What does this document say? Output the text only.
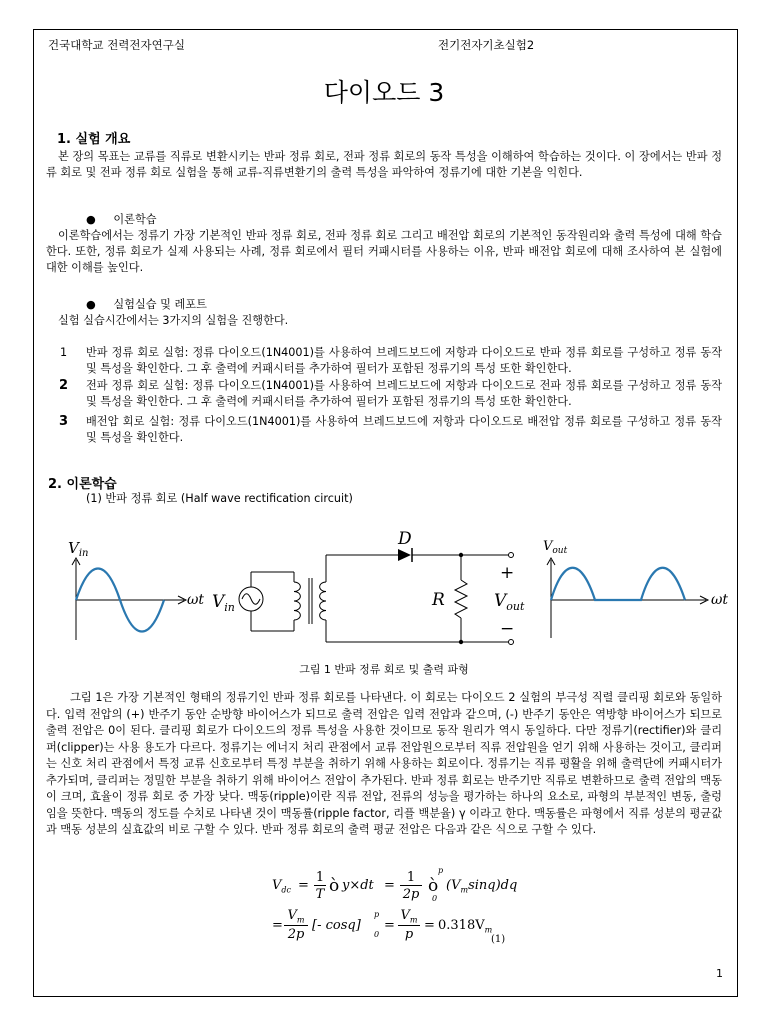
건국대학교 전력전자연구실	전기전자기초실험2
다이오드 3
1. 실험 개요
본 장의 목표는 교류를 직류로 변환시키는 반파 정류 회로, 전파 정류 회로의 동작 특성을 이해하여 학습하는 것이다. 이 장에서는 반파 정류 회로 및 전파 정류 회로 실험을 통해 교류-직류변환기의 출력 특성을 파악하여 정류기에 대한 기본을 익힌다.
● 이론학습
이론학습에서는 정류기 가장 기본적인 반파 정류 회로, 전파 정류 회로 그리고 배전압 회로의 기본적인 동작원리와 출력 특성에 대해 학습한다. 또한, 정류 회로가 실제 사용되는 사례, 정류 회로에서 필터 커패시터를 사용하는 이유, 반파 배전압 회로에 대해 조사하여 본 실험에 대한 이해를 높인다.
● 실험실습 및 레포트
실험 실습시간에서는 3가지의 실험을 진행한다.
1 반파 정류 회로 실험: 정류 다이오드(1N4001)를 사용하여 브레드보드에 저항과 다이오드로 반파 정류 회로를 구성하고 정류 동작 및 특성을 확인한다. 그 후 출력에 커패시터를 추가하여 필터가 포함된 정류기의 특성 또한 확인한다.
2 전파 정류 회로 실험: 정류 다이오드(1N4001)를 사용하여 브레드보드에 저항과 다이오드로 전파 정류 회로를 구성하고 정류 동작 및 특성을 확인한다. 그 후 출력에 커패시터를 추가하여 필터가 포함된 정류기의 특성 또한 확인한다.
3 배전압 회로 실험: 정류 다이오드(1N4001)를 사용하여 브레드보드에 저항과 다이오드로 배전압 정류 회로를 구성하고 정류 동작 및 특성을 확인한다.
2. 이론학습
(1) 반파 정류 회로 (Half wave rectification circuit)
$V_{in}$
ωt $V_{in}$
D
R
+
−
$V_{out}$
$V_{out}$
ωt
그림 1 반파 정류 회로 및 출력 파형
그림 1은 가장 기본적인 형태의 정류기인 반파 정류 회로를 나타낸다. 이 회로는 다이오드 2 실험의 부극성 직렬 클리핑 회로와 동일하다. 입력 전압의 (+) 반주기 동안 순방향 바이어스가 되므로 출력 전압은 입력 전압과 같으며, (-) 반주기 동안은 역방향 바이어스가 되므로 출력 전압은 0이 된다. 클리핑 회로가 다이오드의 정류 특성을 사용한 것이므로 동작 원리가 역시 동일하다. 다만 정류기(rectifier)와 클리퍼(clipper)는 사용 용도가 다르다. 정류기는 에너지 처리 관점에서 교류 전압원으로부터 직류 전압원을 얻기 위해 사용하는 것이고, 클리퍼는 신호 처리 관점에서 특정 교류 신호로부터 특정 부분을 취하기 위해 사용하는 회로이다. 정류기는 직류 평활을 위해 출력단에 커패시터가 추가되며, 클리퍼는 정밀한 부분을 취하기 위해 바이어스 전압이 추가된다. 반파 정류 회로는 반주기만 직류로 변환하므로 출력 전압의 맥동이 크며, 효율이 정류 회로 중 가장 낮다. 맥동(ripple)이란 직류 전압, 전류의 성능을 평가하는 하나의 요소로, 파형의 부분적인 변동, 출렁임을 뜻한다. 맥동의 정도를 수치로 나타낸 것이 맥동률(ripple factor, 리플 백분율) γ 이라고 한다. 맥동률은 파형에서 직류 성분의 평균값과 맥동 성분의 실효값의 비로 구할 수 있다. 반파 정류 회로의 출력 평균 전압은 다음과 같은 식으로 구할 수 있다.
$V_{dc}$ =
1
T ò y×dt =
1
2p ò
p
0
$(V_m\sin q)dq$
=
$V_m$
2p
[- cosq]
p
0
=
$V_m$
p
= $0.318V_m$
(1)
1
